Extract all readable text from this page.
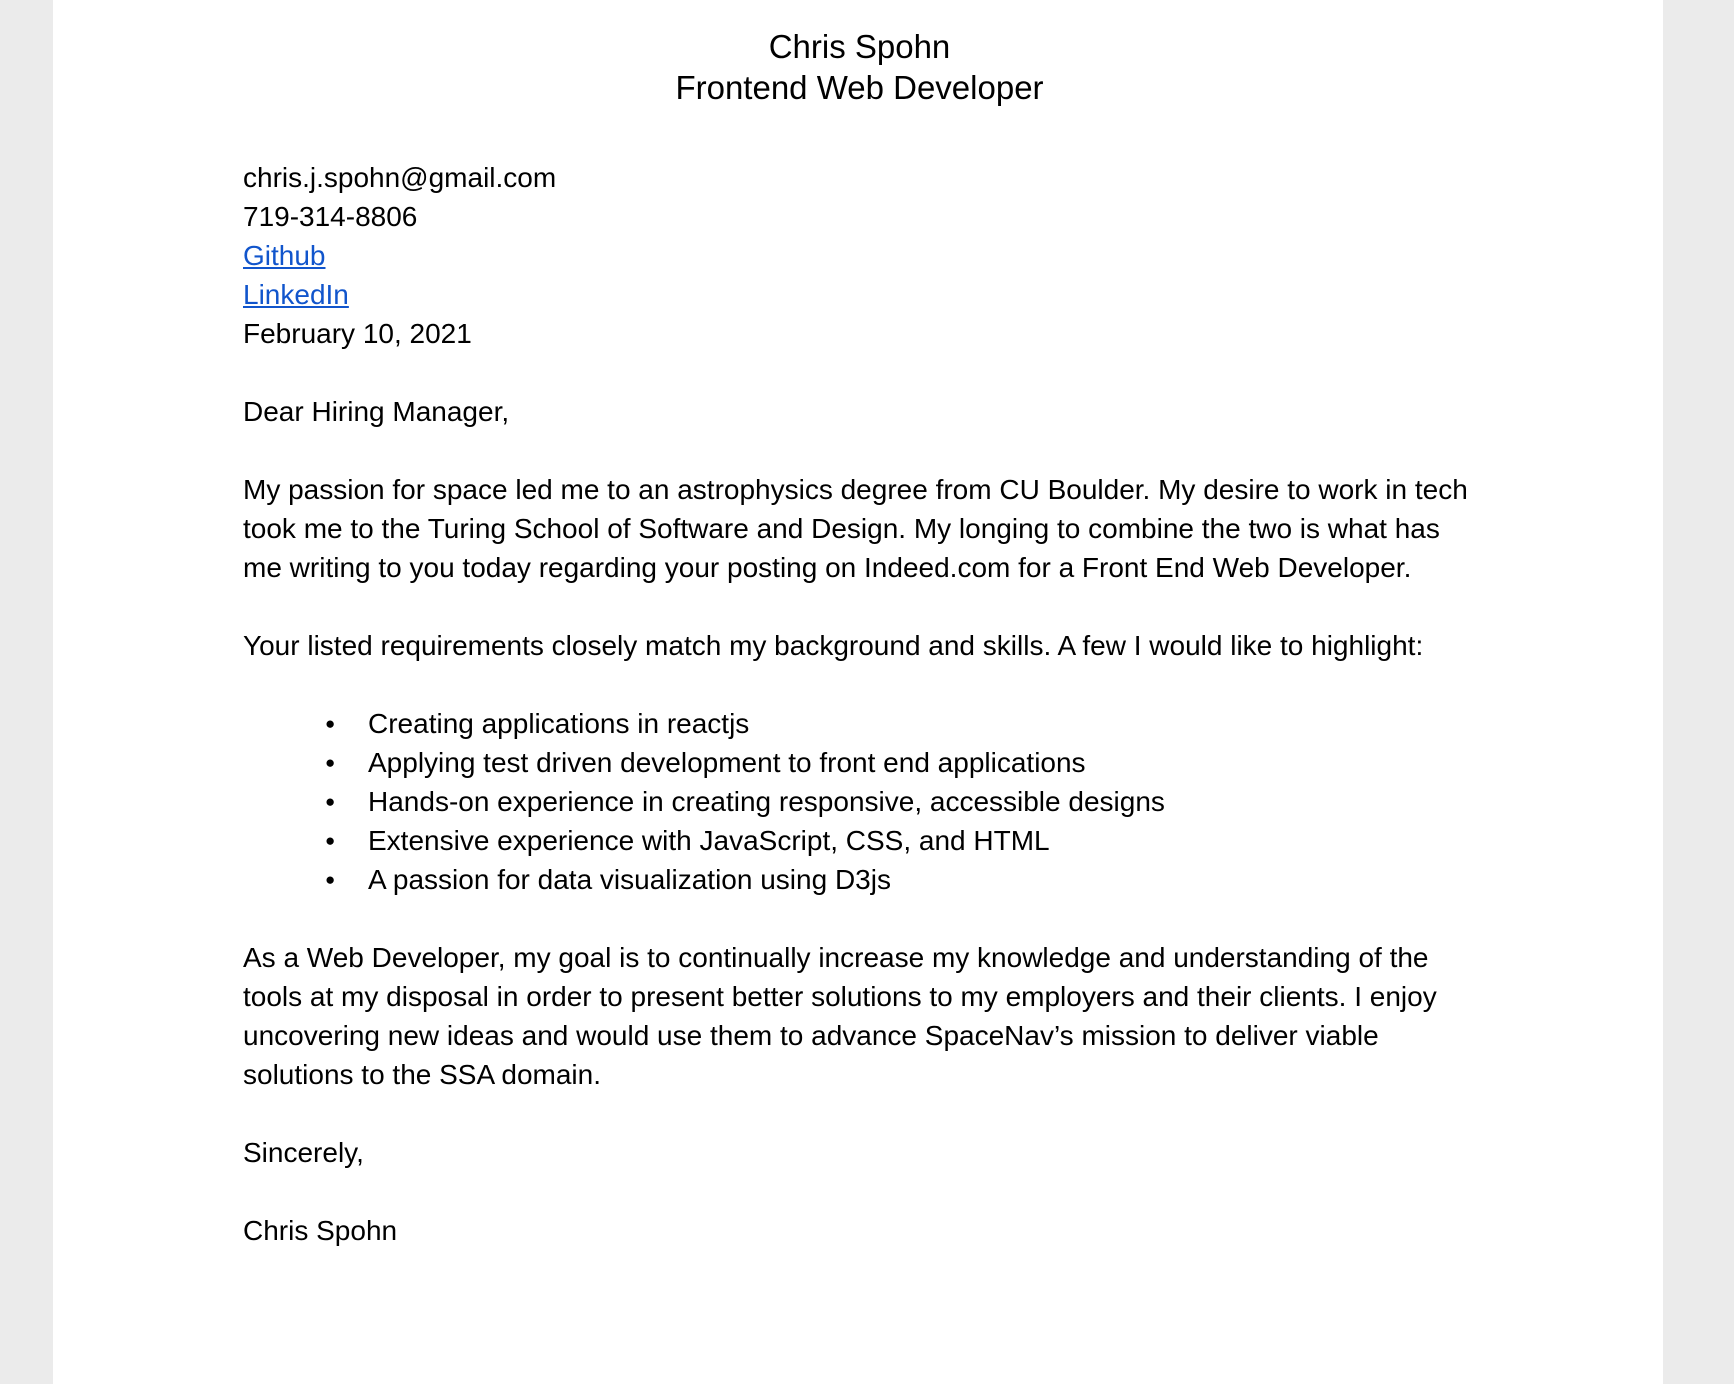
Chris Spohn
Frontend Web Developer

chris.j.spohn@gmail.com

719-314-8806

Github

LinkedIn

February 10, 2021

Dear Hiring Manager,

My passion for space led me to an astrophysics degree from CU Boulder. My desire to work in tech took me to the Turing School of Software and Design. My longing to combine the two is what has me writing to you today regarding your posting on Indeed.com for a Front End Web Developer.

Your listed requirements closely match my background and skills. A few I would like to highlight:

● Creating applications in reactjs
● Applying test driven development to front end applications
● Hands-on experience in creating responsive, accessible designs
● Extensive experience with JavaScript, CSS, and HTML
● A passion for data visualization using D3js

As a Web Developer, my goal is to continually increase my knowledge and understanding of the tools at my disposal in order to present better solutions to my employers and their clients. I enjoy uncovering new ideas and would use them to advance SpaceNav’s mission to deliver viable solutions to the SSA domain.

Sincerely,

Chris Spohn
